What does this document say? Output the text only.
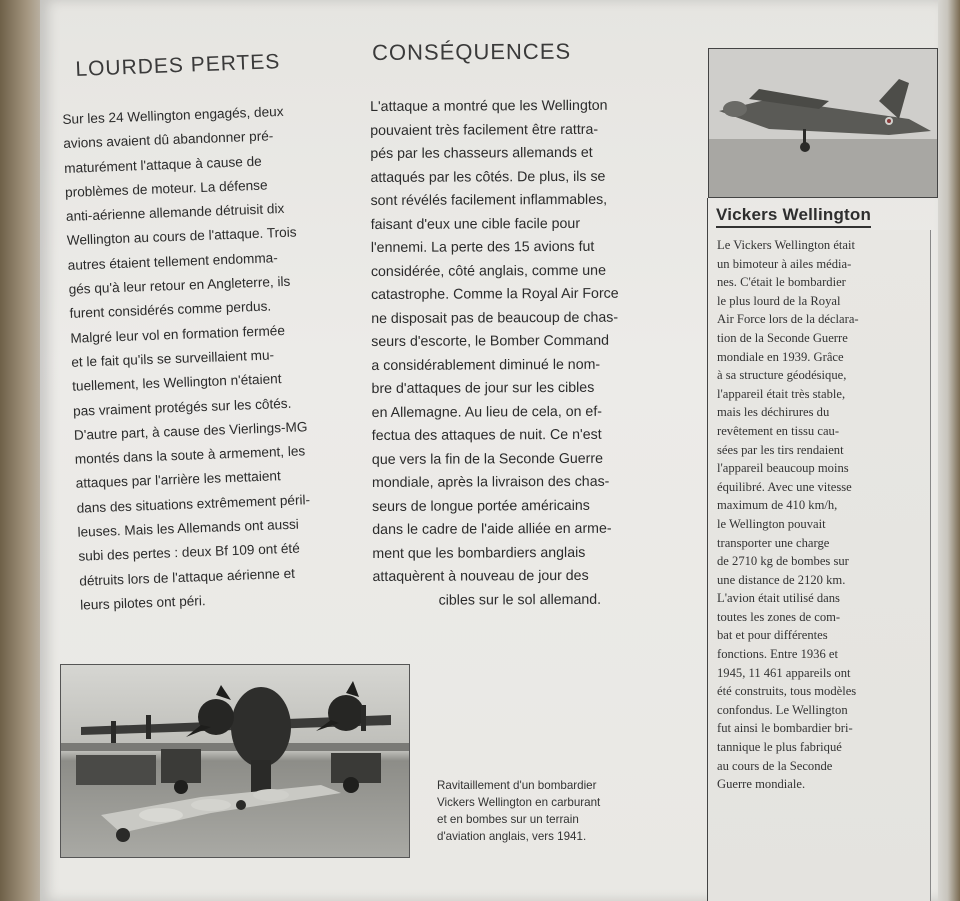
LOURDES PERTES
Sur les 24 Wellington engagés, deux
avions avaient dû abandonner pré-
maturément l'attaque à cause de
problèmes de moteur. La défense
anti-aérienne allemande détruisit dix
Wellington au cours de l'attaque. Trois
autres étaient tellement endomma-
gés qu'à leur retour en Angleterre, ils
furent considérés comme perdus.
Malgré leur vol en formation fermée
et le fait qu'ils se surveillaient mu-
tuellement, les Wellington n'étaient
pas vraiment protégés sur les côtés.
D'autre part, à cause des Vierlings-MG
montés dans la soute à armement, les
attaques par l'arrière les mettaient
dans des situations extrêmement péril-
leuses. Mais les Allemands ont aussi
subi des pertes : deux Bf 109 ont été
détruits lors de l'attaque aérienne et
leurs pilotes ont péri.
CONSÉQUENCES
L'attaque a montré que les Wellington
pouvaient très facilement être rattra-
pés par les chasseurs allemands et
attaqués par les côtés. De plus, ils se
sont révélés facilement inflammables,
faisant d'eux une cible facile pour
l'ennemi. La perte des 15 avions fut
considérée, côté anglais, comme une
catastrophe. Comme la Royal Air Force
ne disposait pas de beaucoup de chas-
seurs d'escorte, le Bomber Command
a considérablement diminué le nom-
bre d'attaques de jour sur les cibles
en Allemagne. Au lieu de cela, on ef-
fectua des attaques de nuit. Ce n'est
que vers la fin de la Seconde Guerre
mondiale, après la livraison des chas-
seurs de longue portée américains
dans le cadre de l'aide alliée en arme-
ment que les bombardiers anglais
attaquèrent à nouveau de jour des
cibles sur le sol allemand.
Ravitaillement d'un bombardier
Vickers Wellington en carburant
et en bombes sur un terrain
d'aviation anglais, vers 1941.
Vickers Wellington
Le Vickers Wellington était
un bimoteur à ailes média-
nes. C'était le bombardier
le plus lourd de la Royal
Air Force lors de la déclara-
tion de la Seconde Guerre
mondiale en 1939. Grâce
à sa structure géodésique,
l'appareil était très stable,
mais les déchirures du
revêtement en tissu cau-
sées par les tirs rendaient
l'appareil beaucoup moins
équilibré. Avec une vitesse
maximum de 410 km/h,
le Wellington pouvait
transporter une charge
de 2710 kg de bombes sur
une distance de 2120 km.
L'avion était utilisé dans
toutes les zones de com-
bat et pour différentes
fonctions. Entre 1936 et
1945, 11 461 appareils ont
été construits, tous modèles
confondus. Le Wellington
fut ainsi le bombardier bri-
tannique le plus fabriqué
au cours de la Seconde
Guerre mondiale.
